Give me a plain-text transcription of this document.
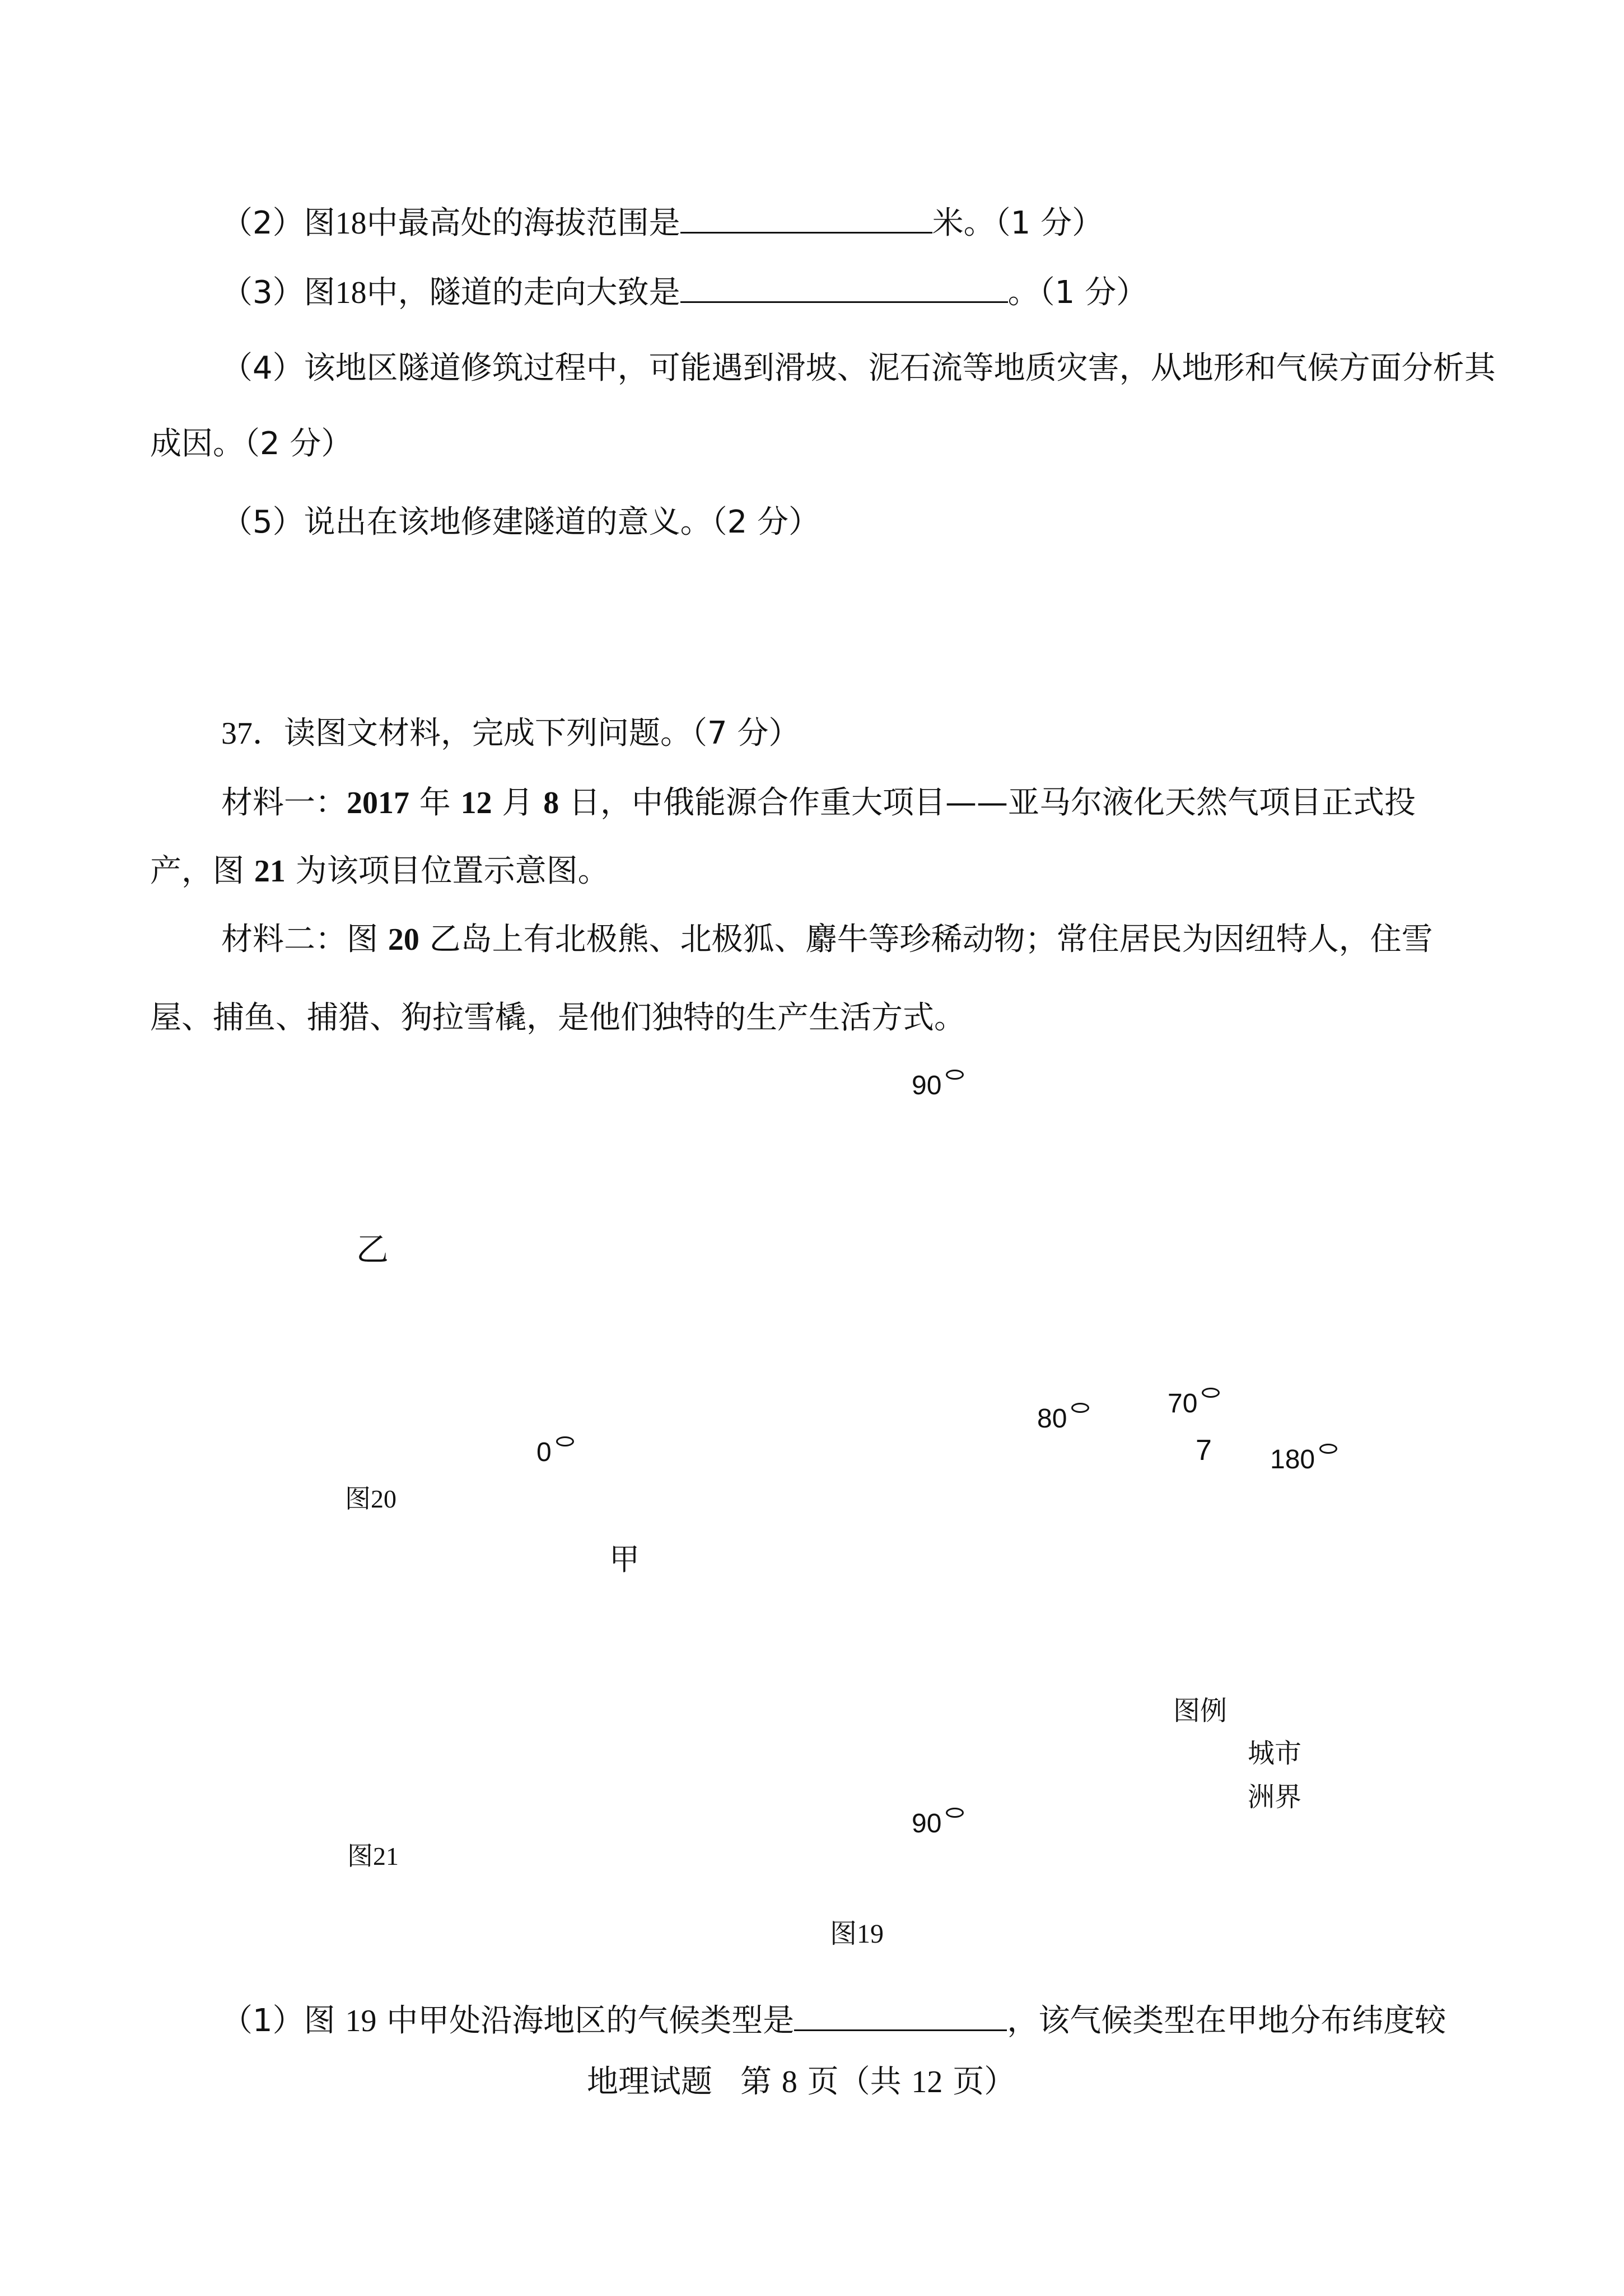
（2）图18中最高处的海拔范围是	米。（1 分）
（3）图18中，隧道的走向大致是	。（1 分）
（4）该地区隧道修筑过程中，可能遇到滑坡、泥石流等地质灾害，从地形和气候方面分析其
成因。（2 分）
（5）说出在该地修建隧道的意义。（2 分）
37．读图文材料，完成下列问题。（7 分）
材料一：2017 年 12 月 8 日，中俄能源合作重大项目——亚马尔液化天然气项目正式投
产，图 21 为该项目位置示意图。
材料二：图 20 乙岛上有北极熊、北极狐、麝牛等珍稀动物；常住居民为因纽特人，住雪
屋、捕鱼、捕猎、狗拉雪橇，是他们独特的生产生活方式。
90
乙
80
70
7 180
0
图20
甲
图例
城市
洲界
90
图21
图19
（1）图 19 中甲处沿海地区的气候类型是	，该气候类型在甲地分布纬度较
地理试题 第 8 页（共 12 页）
